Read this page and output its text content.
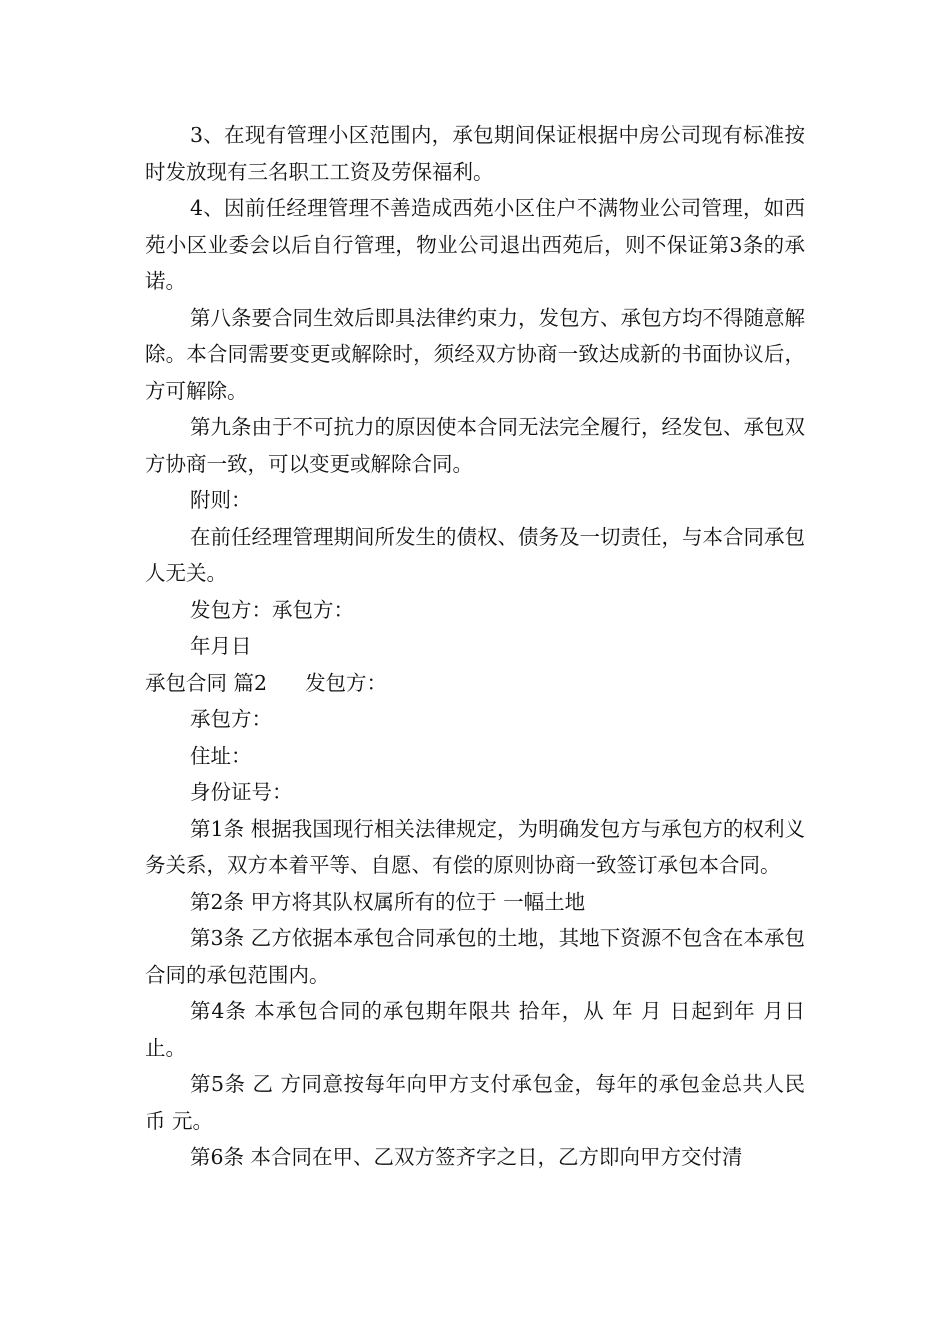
3、在现有管理小区范围内，承包期间保证根据中房公司现有标准按时发放现有三名职工工资及劳保福利。

4、因前任经理管理不善造成西苑小区住户不满物业公司管理，如西苑小区业委会以后自行管理，物业公司退出西苑后，则不保证第3条的承诺。

第八条要合同生效后即具法律约束力，发包方、承包方均不得随意解除。本合同需要变更或解除时，须经双方协商一致达成新的书面协议后，方可解除。

第九条由于不可抗力的原因使本合同无法完全履行，经发包、承包双方协商一致，可以变更或解除合同。

附则：

在前任经理管理期间所发生的债权、债务及一切责任，与本合同承包人无关。

发包方：承包方：

年月日

承包合同 篇2 发包方：

承包方：

住址：

身份证号：

第1条 根据我国现行相关法律规定，为明确发包方与承包方的权利义务关系，双方本着平等、自愿、有偿的原则协商一致签订承包本合同。

第2条 甲方将其队权属所有的位于 一幅土地

第3条 乙方依据本承包合同承包的土地，其地下资源不包含在本承包合同的承包范围内。

第4条 本承包合同的承包期年限共 拾年，从 年 月 日起到年 月日止。

第5条 乙 方同意按每年向甲方支付承包金，每年的承包金总共人民币 元。

第6条 本合同在甲、乙双方签齐字之日，乙方即向甲方交付清
